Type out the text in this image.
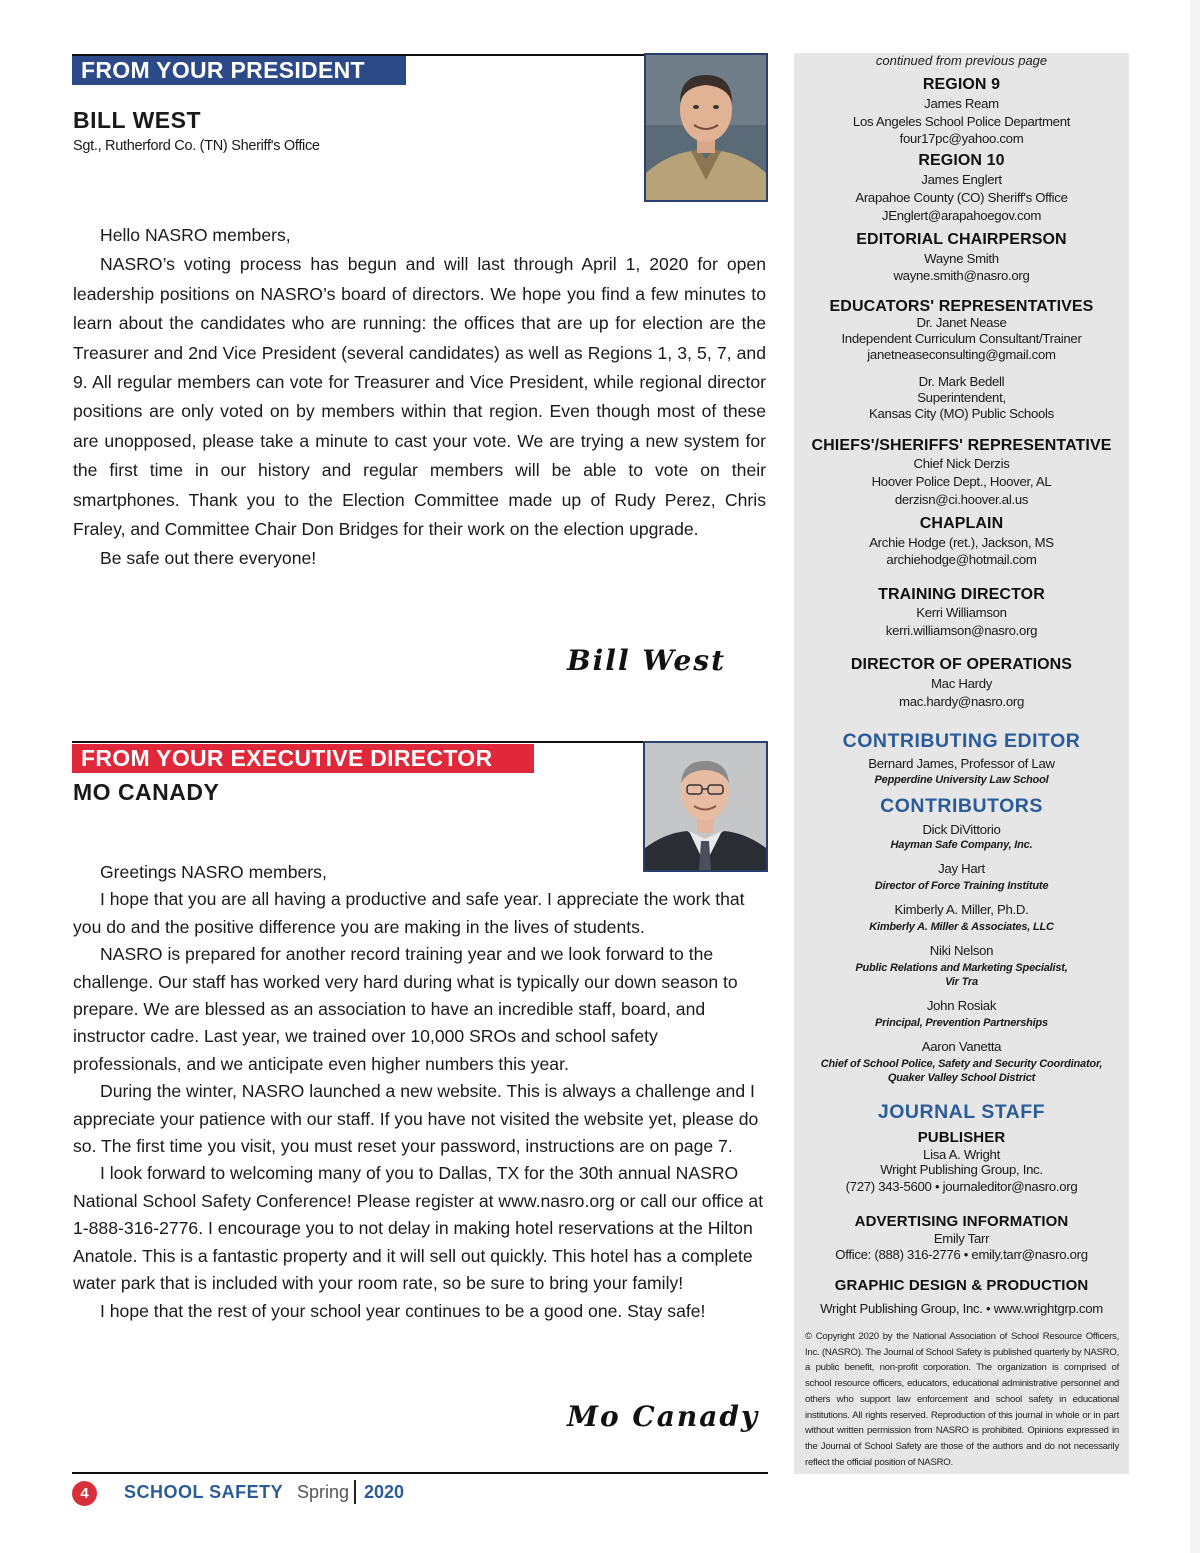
FROM YOUR PRESIDENT
BILL WEST
Sgt., Rutherford Co. (TN) Sheriff's Office

Hello NASRO members,

NASRO’s voting process has begun and will last through April 1, 2020 for open leadership positions on NASRO’s board of directors. We hope you find a few minutes to learn about the candidates who are running: the offices that are up for election are the Treasurer and 2nd Vice President (several candidates) as well as Regions 1, 3, 5, 7, and 9. All regular members can vote for Treasurer and Vice President, while regional director positions are only voted on by members within that region. Even though most of these are unopposed, please take a minute to cast your vote. We are trying a new system for the first time in our history and regular members will be able to vote on their smartphones. Thank you to the Election Committee made up of Rudy Perez, Chris Fraley, and Committee Chair Don Bridges for their work on the election upgrade.

Be safe out there everyone!

Bill West
FROM YOUR EXECUTIVE DIRECTOR
MO CANADY

Greetings NASRO members,

I hope that you are all having a productive and safe year. I appreciate the work that you do and the positive difference you are making in the lives of students.

NASRO is prepared for another record training year and we look forward to the challenge. Our staff has worked very hard during what is typically our down season to prepare. We are blessed as an association to have an incredible staff, board, and instructor cadre. Last year, we trained over 10,000 SROs and school safety professionals, and we anticipate even higher numbers this year.

During the winter, NASRO launched a new website. This is always a challenge and I appreciate your patience with our staff. If you have not visited the website yet, please do so. The first time you visit, you must reset your password, instructions are on page 7.

I look forward to welcoming many of you to Dallas, TX for the 30th annual NASRO National School Safety Conference! Please register at www.nasro.org or call our office at 1-888-316-2776. I encourage you to not delay in making hotel reservations at the Hilton Anatole. This is a fantastic property and it will sell out quickly. This hotel has a complete water park that is included with your room rate, so be sure to bring your family!

I hope that the rest of your school year continues to be a good one. Stay safe!

Mo Canady
continued from previous page
REGION 9
James Ream
Los Angeles School Police Department
four17pc@yahoo.com
REGION 10
James Englert
Arapahoe County (CO) Sheriff's Office
JEnglert@arapahoegov.com
EDITORIAL CHAIRPERSON
Wayne Smith
wayne.smith@nasro.org
EDUCATORS' REPRESENTATIVES
Dr. Janet Nease
Independent Curriculum Consultant/Trainer
janetneaseconsulting@gmail.com
Dr. Mark Bedell
Superintendent,
Kansas City (MO) Public Schools
CHIEFS'/SHERIFFS' REPRESENTATIVE
Chief Nick Derzis
Hoover Police Dept., Hoover, AL
derzisn@ci.hoover.al.us
CHAPLAIN
Archie Hodge (ret.), Jackson, MS
archiehodge@hotmail.com
TRAINING DIRECTOR
Kerri Williamson
kerri.williamson@nasro.org
DIRECTOR OF OPERATIONS
Mac Hardy
mac.hardy@nasro.org
CONTRIBUTING EDITOR
Bernard James, Professor of Law
Pepperdine University Law School
CONTRIBUTORS
Dick DiVittorio
Hayman Safe Company, Inc.
Jay Hart
Director of Force Training Institute
Kimberly A. Miller, Ph.D.
Kimberly A. Miller & Associates, LLC
Niki Nelson
Public Relations and Marketing Specialist,
Vir Tra
John Rosiak
Principal, Prevention Partnerships
Aaron Vanetta
Chief of School Police, Safety and Security Coordinator,
Quaker Valley School District
JOURNAL STAFF
PUBLISHER
Lisa A. Wright
Wright Publishing Group, Inc.
(727) 343-5600 • journaleditor@nasro.org
ADVERTISING INFORMATION
Emily Tarr
Office: (888) 316-2776 • emily.tarr@nasro.org
GRAPHIC DESIGN & PRODUCTION
Wright Publishing Group, Inc. • www.wrightgrp.com
© Copyright 2020 by the National Association of School Resource Officers, Inc. (NASRO). The Journal of School Safety is published quarterly by NASRO, a public benefit, non-profit corporation. The organization is comprised of school resource officers, educators, educational administrative personnel and others who support law enforcement and school safety in educational institutions. All rights reserved. Reproduction of this journal in whole or in part without written permission from NASRO is prohibited. Opinions expressed in the Journal of School Safety are those of the authors and do not necessarily reflect the official position of NASRO.
4	SCHOOL SAFETY Spring 2020
